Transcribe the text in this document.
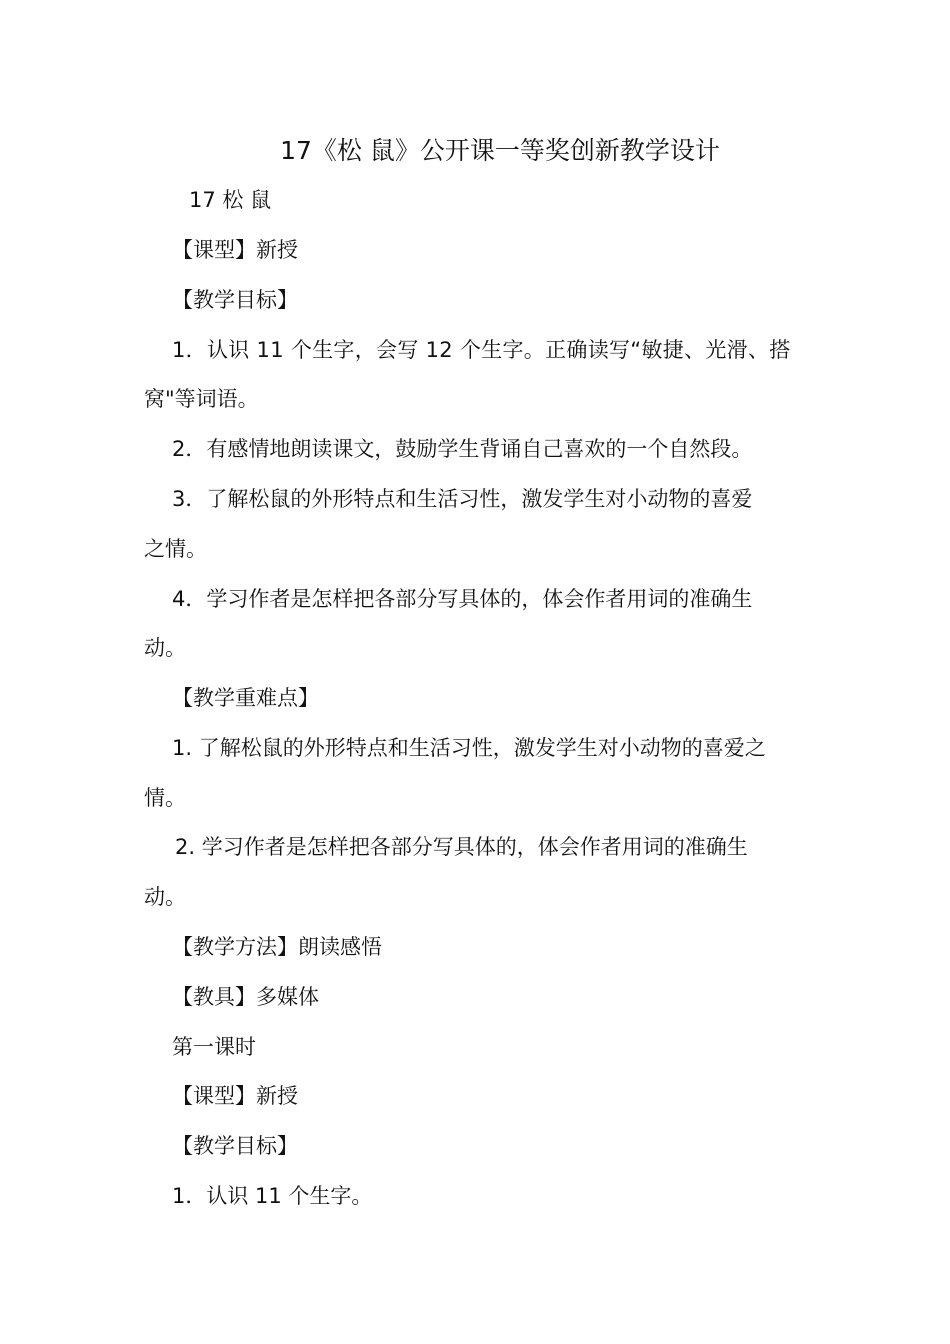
17《松 鼠》公开课一等奖创新教学设计
17 松 鼠
【课型】新授
【教学目标】
1．认识 11 个生字，会写 12 个生字。正确读写“敏捷、光滑、搭
窝"等词语。
2．有感情地朗读课文，鼓励学生背诵自己喜欢的一个自然段。
3．了解松鼠的外形特点和生活习性，激发学生对小动物的喜爱
之情。
4．学习作者是怎样把各部分写具体的，体会作者用词的准确生
动。
【教学重难点】
1. 了解松鼠的外形特点和生活习性，激发学生对小动物的喜爱之
情。
2. 学习作者是怎样把各部分写具体的，体会作者用词的准确生
动。
【教学方法】朗读感悟
【教具】多媒体
第一课时
【课型】新授
【教学目标】
1．认识 11 个生字。
